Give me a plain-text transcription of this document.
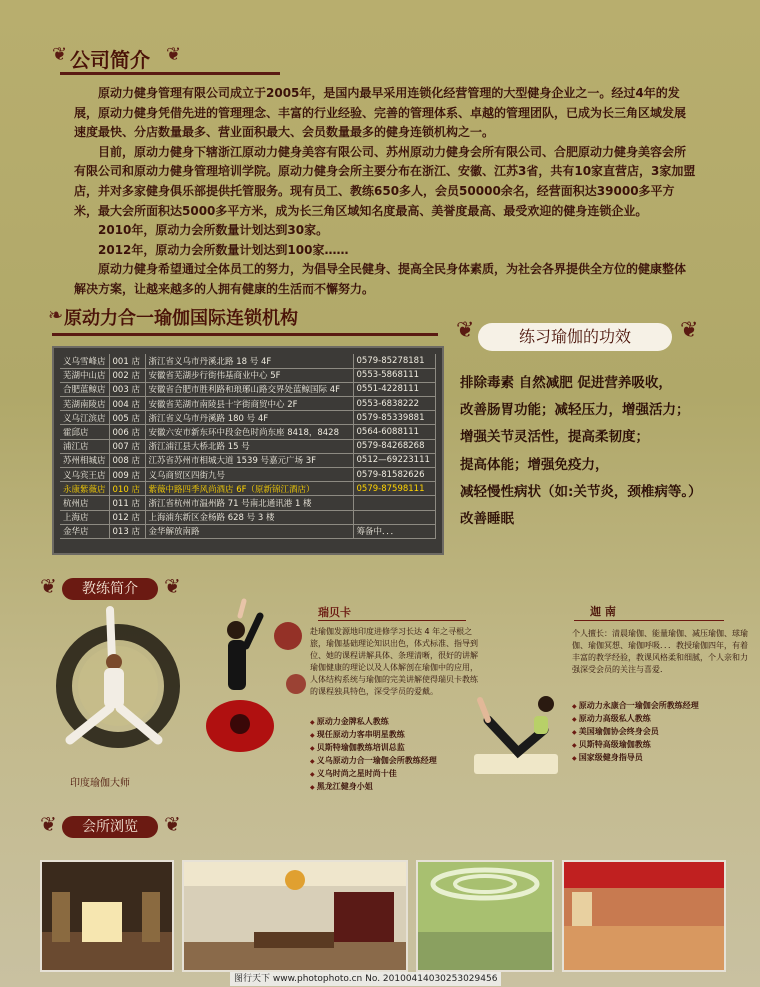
❦ 公司简介 ❦

原动力健身管理有限公司成立于2005年，是国内最早采用连锁化经营管理的大型健身企业之一。经过4年的发展，原动力健身凭借先进的管理理念、丰富的行业经验、完善的管理体系、卓越的管理团队，已成为长三角区域发展速度最快、分店数量最多、营业面积最大、会员数量最多的健身连锁机构之一。

目前，原动力健身下辖浙江原动力健身美容有限公司、苏州原动力健身会所有限公司、合肥原动力健身美容会所有限公司和原动力健身管理培训学院。原动力健身会所主要分布在浙江、安徽、江苏3省，共有10家直营店，3家加盟店，并对多家健身俱乐部提供托管服务。现有员工、教练650多人，会员50000余名，经营面积达39000多平方米，最大会所面积达5000多平方米，成为长三角区域知名度最高、美誉度最高、最受欢迎的健身连锁企业。

2010年，原动力会所数量计划达到30家。

2012年，原动力会所数量计划达到100家……

原动力健身希望通过全体员工的努力，为倡导全民健身、提高全民身体素质，为社会各界提供全方位的健康整体解决方案，让越来越多的人拥有健康的生活而不懈努力。

❧ 原动力合一瑜伽国际连锁机构
义乌雪峰店	001 店	浙江省义乌市丹溪北路 18 号 4F	0579-85278181
芜湖中山店	002 店	安徽省芜湖步行街伟基商业中心 5F	0553-5868111
合肥蓝鲸店	003 店	安徽省合肥市胜利路和琅琊山路交界处蓝鲸国际 4F	0551-4228111
芜湖南陵店	004 店	安徽省芜湖市南陵县十字街商贸中心 2F	0553-6838222
义乌江滨店	005 店	浙江省义乌市丹溪路 180 号 4F	0579-85339881
霍邱店	006 店	安徽六安市新东环中段金色时尚东座 8418，8428	0564-6088111
浦江店	007 店	浙江浦江县大桥北路 15 号	0579-84268268
苏州相城店	008 店	江苏省苏州市相城大道 1539 号嘉元广场 3F	0512—69223111
义乌宾王店	009 店	义乌商贸区四街九号	0579-81582626
永康紫薇店	010 店	紫薇中路四季风尚酒店 6F（原新锦江酒店）	0579-87598111
杭州店	011 店	浙江省杭州市温州路 71 号南北通讯港 1 楼	
上海店	012 店	上海浦东新区金杨路 628 号 3 楼	
金华店	013 店	金华解放南路	筹备中．．．
❦	练习瑜伽的功效	❦
排除毒素 自然减肥 促进营养吸收，
改善肠胃功能；减轻压力，增强活力；
增强关节灵活性，提高柔韧度；
提高体能；增强免疫力，
减轻慢性病状（如:关节炎，颈椎病等。）
改善睡眠
❦	教练简介	❦
印度瑜伽大师
瑞贝卡
赴瑜伽发源地印度进修学习长达 4 年之寻根之旅，瑜伽基础理论知识出色，体式标准、指导到位、她的课程讲解具体、条理清晰，很好的讲解瑜伽健康的理论以及人体解剖在瑜伽中的应用，人体结构系统与瑜伽的完美讲解使得瑞贝卡教练的课程独具特色，深受学员的爱戴。
◆ 原动力金牌私人教练
◆ 现任原动力客串明星教练
◆ 贝斯特瑜伽教练培训总监
◆ 义乌原动力合一瑜伽会所教练经理
◆ 义乌时尚之星时尚十佳
◆ 黑龙江健身小姐
迦 南
个人擅长：清晨瑜伽、能量瑜伽、减压瑜伽、球瑜伽、瑜伽冥想、瑜伽呼吸．．．教授瑜伽四年，有着丰富的教学经验，教课风格柔和细腻，个人亲和力强深受会员的关注与喜爱．
◆ 原动力永康合一瑜伽会所教练经理
◆ 原动力高级私人教练
◆ 美国瑜伽协会终身会员
◆ 贝斯特高级瑜伽教练
◆ 国家级健身指导员
❦	会所浏览	❦
图行天下 www.photophoto.cn No. 20100414030253029456
